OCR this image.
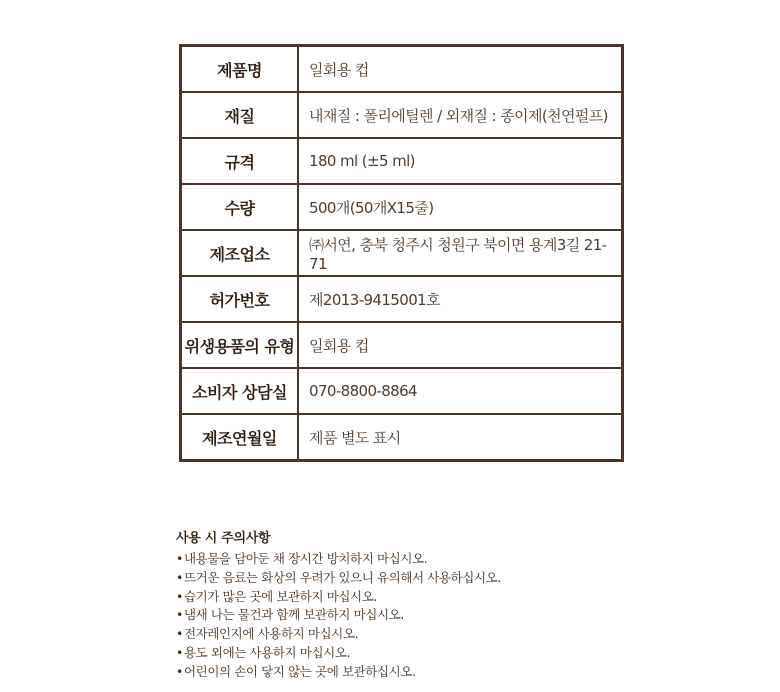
제품명	일회용 컵
재질	내재질 : 폴리에틸렌 / 외재질 : 종이제(천연펄프)
규격	180 ml (±5 ml)
수량	500개(50개X15줄)
제조업소	㈜서연, 충북 청주시 청원구 북이면 용계3길 21-71
허가번호	제2013-9415001호
위생용품의 유형	일회용 컵
소비자 상담실	070-8800-8864
제조연월일	제품 별도 표시

사용 시 주의사항

•내용물을 담아둔 채 장시간 방치하지 마십시오.
•뜨거운 음료는 화상의 우려가 있으니 유의해서 사용하십시오.
•습기가 많은 곳에 보관하지 마십시오.
•냄새 나는 물건과 함께 보관하지 마십시오.
•전자레인지에 사용하지 마십시오.
•용도 외에는 사용하지 마십시오.
•어린이의 손이 닿지 않는 곳에 보관하십시오.
